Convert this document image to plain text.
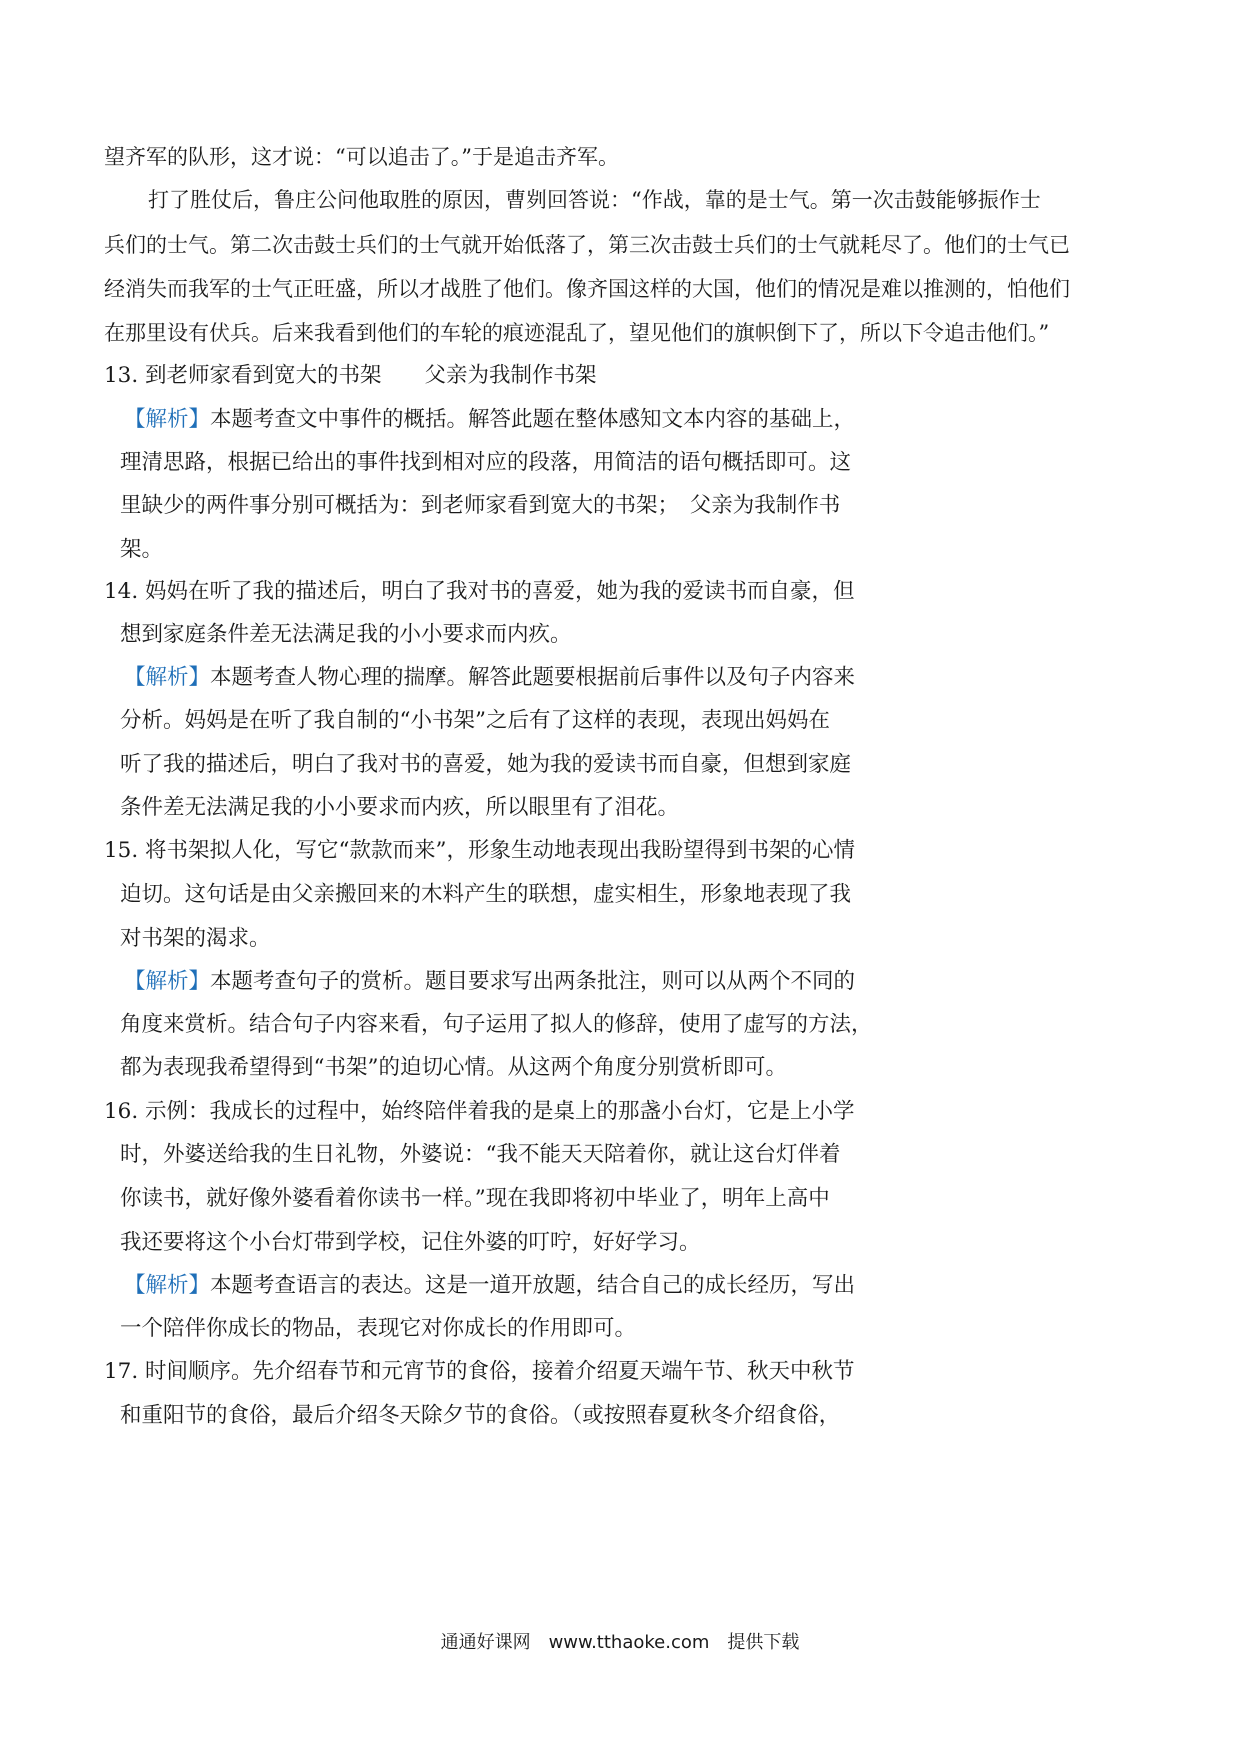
望齐军的队形，这才说：“可以追击了。”于是追击齐军。
打了胜仗后，鲁庄公问他取胜的原因，曹刿回答说：“作战，靠的是士气。第一次击鼓能够振作士
兵们的士气。第二次击鼓士兵们的士气就开始低落了，第三次击鼓士兵们的士气就耗尽了。他们的士气已
经消失而我军的士气正旺盛，所以才战胜了他们。像齐国这样的大国，他们的情况是难以推测的，怕他们
在那里设有伏兵。后来我看到他们的车轮的痕迹混乱了，望见他们的旗帜倒下了，所以下令追击他们。”
13. 到老师家看到宽大的书架　　父亲为我制作书架
【解析】本题考查文中事件的概括。解答此题在整体感知文本内容的基础上，
理清思路，根据已给出的事件找到相对应的段落，用简洁的语句概括即可。这
里缺少的两件事分别可概括为：到老师家看到宽大的书架；　父亲为我制作书
架。
14. 妈妈在听了我的描述后，明白了我对书的喜爱，她为我的爱读书而自豪，但
想到家庭条件差无法满足我的小小要求而内疚。
【解析】本题考查人物心理的揣摩。解答此题要根据前后事件以及句子内容来
分析。妈妈是在听了我自制的“小书架”之后有了这样的表现，表现出妈妈在
听了我的描述后，明白了我对书的喜爱，她为我的爱读书而自豪，但想到家庭
条件差无法满足我的小小要求而内疚，所以眼里有了泪花。
15. 将书架拟人化，写它“款款而来”，形象生动地表现出我盼望得到书架的心情
迫切。这句话是由父亲搬回来的木料产生的联想，虚实相生，形象地表现了我
对书架的渴求。
【解析】本题考查句子的赏析。题目要求写出两条批注，则可以从两个不同的
角度来赏析。结合句子内容来看，句子运用了拟人的修辞，使用了虚写的方法，
都为表现我希望得到“书架”的迫切心情。从这两个角度分别赏析即可。
16. 示例：我成长的过程中，始终陪伴着我的是桌上的那盏小台灯，它是上小学
时，外婆送给我的生日礼物，外婆说：“我不能天天陪着你，就让这台灯伴着
你读书，就好像外婆看着你读书一样。”现在我即将初中毕业了，明年上高中
我还要将这个小台灯带到学校，记住外婆的叮咛，好好学习。
【解析】本题考查语言的表达。这是一道开放题，结合自己的成长经历，写出
一个陪伴你成长的物品，表现它对你成长的作用即可。
17. 时间顺序。先介绍春节和元宵节的食俗，接着介绍夏天端午节、秋天中秋节
和重阳节的食俗，最后介绍冬天除夕节的食俗。（或按照春夏秋冬介绍食俗，
通通好课网　www.tthaoke.com　提供下载
